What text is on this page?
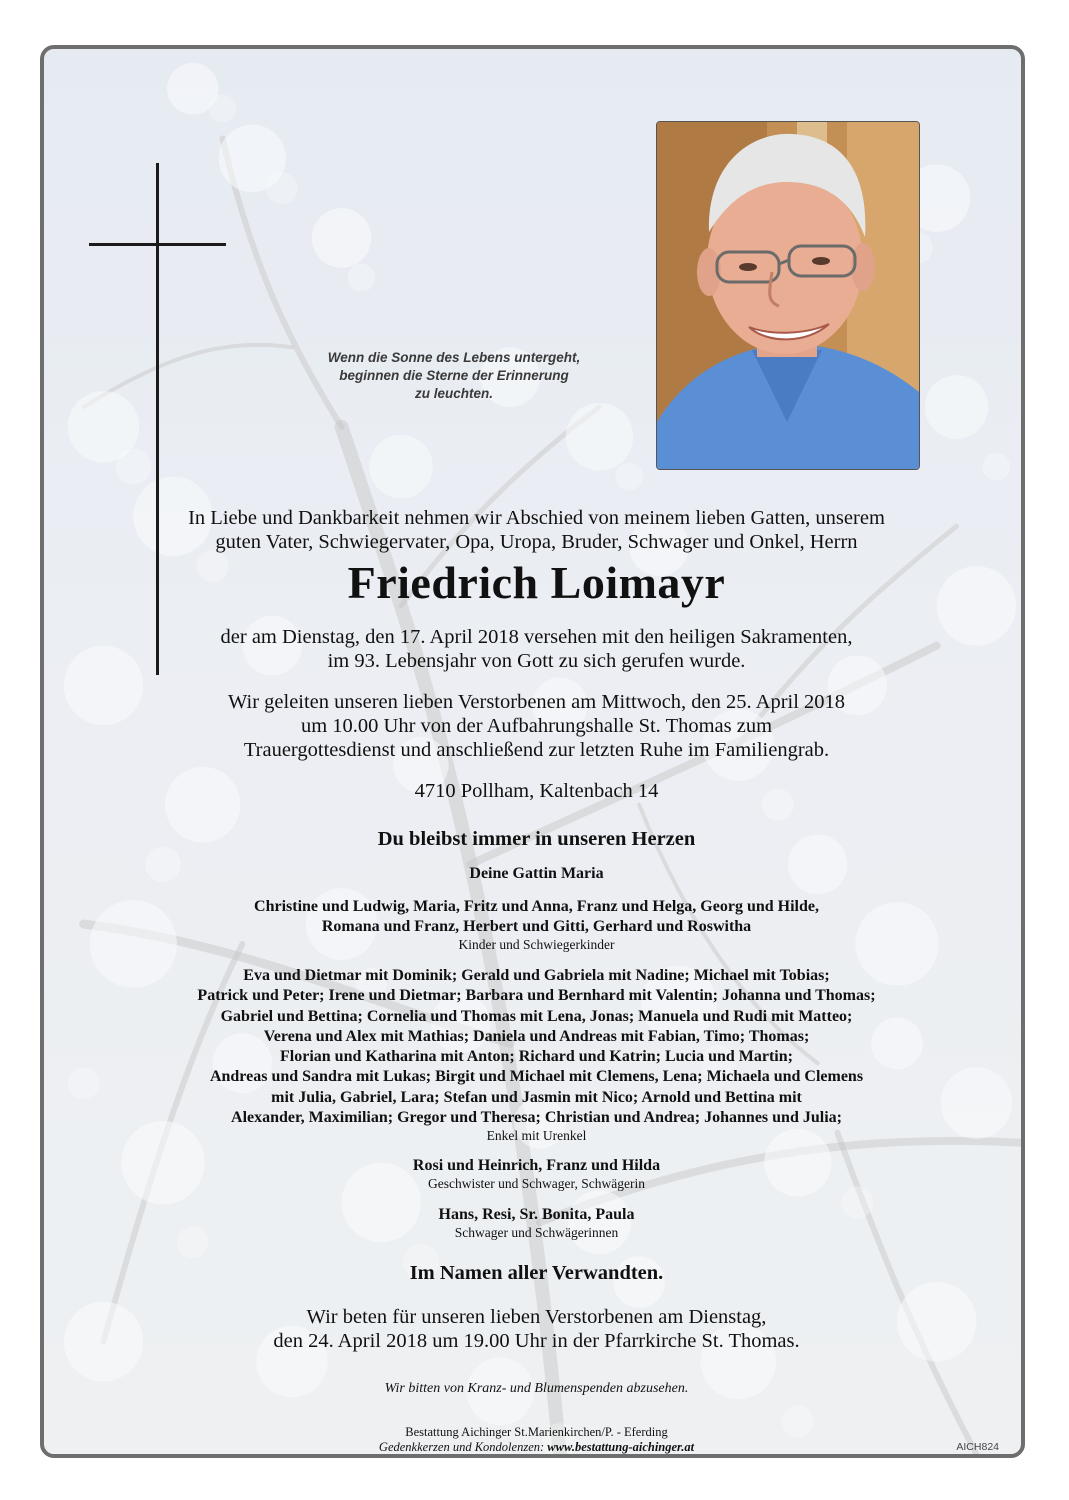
Wenn die Sonne des Lebens untergeht,
beginnen die Sterne der Erinnerung
zu leuchten.
In Liebe und Dankbarkeit nehmen wir Abschied von meinem lieben Gatten, unserem
guten Vater, Schwiegervater, Opa, Uropa, Bruder, Schwager und Onkel, Herrn
Friedrich Loimayr
der am Dienstag, den 17. April 2018 versehen mit den heiligen Sakramenten,
im 93. Lebensjahr von Gott zu sich gerufen wurde.
Wir geleiten unseren lieben Verstorbenen am Mittwoch, den 25. April 2018
um 10.00 Uhr von der Aufbahrungshalle St. Thomas zum
Trauergottesdienst und anschließend zur letzten Ruhe im Familiengrab.
4710 Pollham, Kaltenbach 14
Du bleibst immer in unseren Herzen
Deine Gattin Maria
Christine und Ludwig, Maria, Fritz und Anna, Franz und Helga, Georg und Hilde,
Romana und Franz, Herbert und Gitti, Gerhard und Roswitha
Kinder und Schwiegerkinder
Eva und Dietmar mit Dominik; Gerald und Gabriela mit Nadine; Michael mit Tobias;
Patrick und Peter; Irene und Dietmar; Barbara und Bernhard mit Valentin; Johanna und Thomas;
Gabriel und Bettina; Cornelia und Thomas mit Lena, Jonas; Manuela und Rudi mit Matteo;
Verena und Alex mit Mathias; Daniela und Andreas mit Fabian, Timo; Thomas;
Florian und Katharina mit Anton; Richard und Katrin; Lucia und Martin;
Andreas und Sandra mit Lukas; Birgit und Michael mit Clemens, Lena; Michaela und Clemens
mit Julia, Gabriel, Lara; Stefan und Jasmin mit Nico; Arnold und Bettina mit
Alexander, Maximilian; Gregor und Theresa; Christian und Andrea; Johannes und Julia;
Enkel mit Urenkel
Rosi und Heinrich, Franz und Hilda
Geschwister und Schwager, Schwägerin
Hans, Resi, Sr. Bonita, Paula
Schwager und Schwägerinnen
Im Namen aller Verwandten.
Wir beten für unseren lieben Verstorbenen am Dienstag,
den 24. April 2018 um 19.00 Uhr in der Pfarrkirche St. Thomas.
Wir bitten von Kranz- und Blumenspenden abzusehen.
Bestattung Aichinger St.Marienkirchen/P. - Eferding
Gedenkkerzen und Kondolenzen: www.bestattung-aichinger.at	AICH824
